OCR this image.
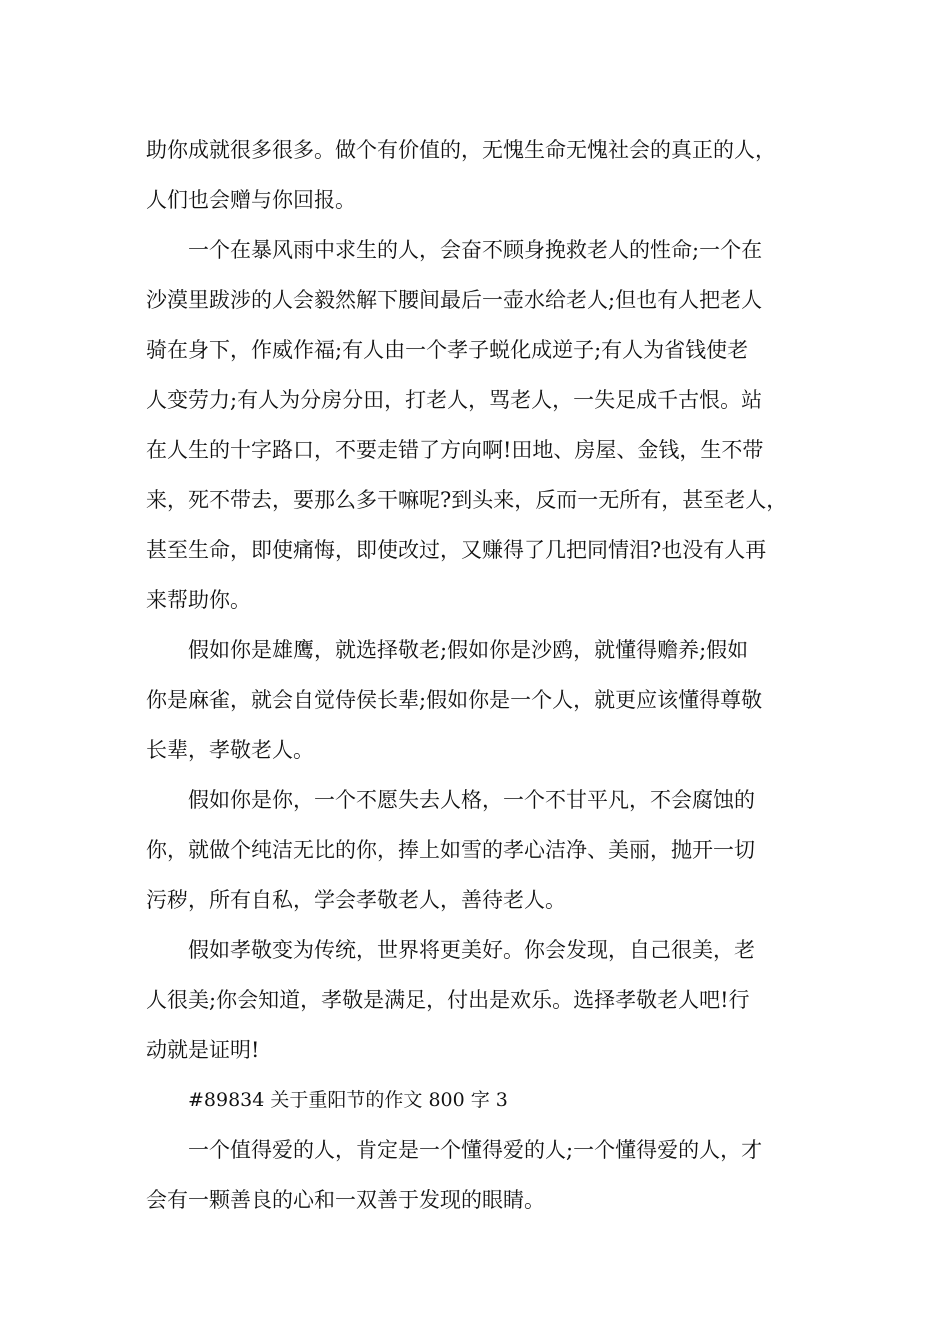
助你成就很多很多。做个有价值的，无愧生命无愧社会的真正的人，
人们也会赠与你回报。
一个在暴风雨中求生的人，会奋不顾身挽救老人的性命;一个在
沙漠里跋涉的人会毅然解下腰间最后一壶水给老人;但也有人把老人
骑在身下，作威作福;有人由一个孝子蜕化成逆子;有人为省钱使老
人变劳力;有人为分房分田，打老人，骂老人，一失足成千古恨。站
在人生的十字路口，不要走错了方向啊!田地、房屋、金钱，生不带
来，死不带去，要那么多干嘛呢?到头来，反而一无所有，甚至老人，
甚至生命，即使痛悔，即使改过，又赚得了几把同情泪?也没有人再
来帮助你。
假如你是雄鹰，就选择敬老;假如你是沙鸥，就懂得赡养;假如
你是麻雀，就会自觉侍侯长辈;假如你是一个人，就更应该懂得尊敬
长辈，孝敬老人。
假如你是你，一个不愿失去人格，一个不甘平凡，不会腐蚀的
你，就做个纯洁无比的你，捧上如雪的孝心洁净、美丽，抛开一切
污秽，所有自私，学会孝敬老人，善待老人。
假如孝敬变为传统，世界将更美好。你会发现，自己很美，老
人很美;你会知道，孝敬是满足，付出是欢乐。选择孝敬老人吧!行
动就是证明!
#89834 关于重阳节的作文 800 字 3
一个值得爱的人，肯定是一个懂得爱的人;一个懂得爱的人，才
会有一颗善良的心和一双善于发现的眼睛。
